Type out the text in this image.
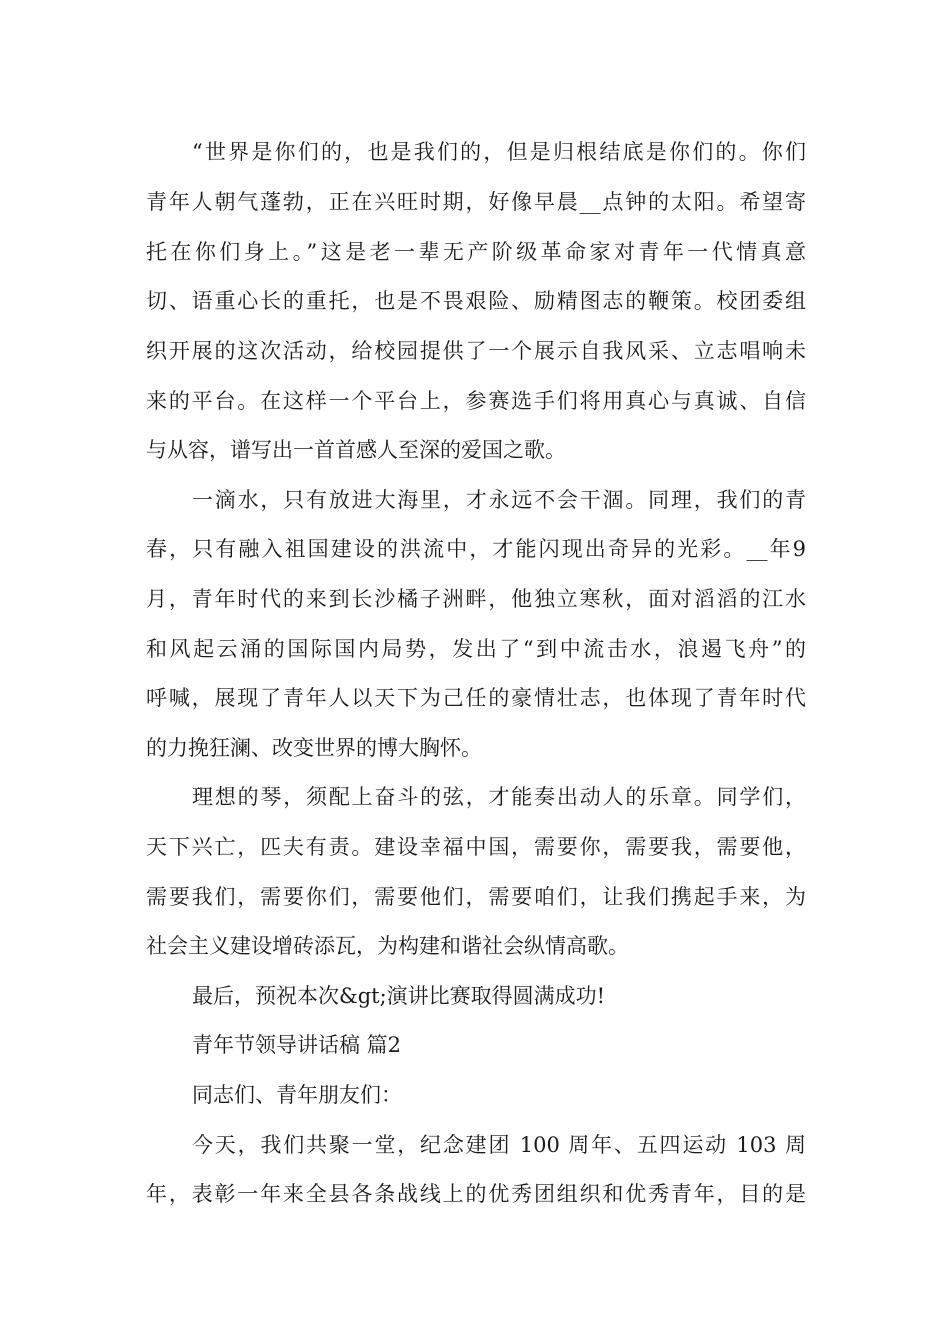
“世界是你们的，也是我们的，但是归根结底是你们的。你们
青年人朝气蓬勃，正在兴旺时期，好像早晨__点钟的太阳。希望寄
托在你们身上。”这是老一辈无产阶级革命家对青年一代情真意
切、语重心长的重托，也是不畏艰险、励精图志的鞭策。校团委组
织开展的这次活动，给校园提供了一个展示自我风采、立志唱响未
来的平台。在这样一个平台上，参赛选手们将用真心与真诚、自信
与从容，谱写出一首首感人至深的爱国之歌。
一滴水，只有放进大海里，才永远不会干涸。同理，我们的青
春，只有融入祖国建设的洪流中，才能闪现出奇异的光彩。__年9
月，青年时代的来到长沙橘子洲畔，他独立寒秋，面对滔滔的江水
和风起云涌的国际国内局势，发出了“到中流击水，浪遏飞舟”的
呼喊，展现了青年人以天下为己任的豪情壮志，也体现了青年时代
的力挽狂澜、改变世界的博大胸怀。
理想的琴，须配上奋斗的弦，才能奏出动人的乐章。同学们，
天下兴亡，匹夫有责。建设幸福中国，需要你，需要我，需要他，
需要我们，需要你们，需要他们，需要咱们，让我们携起手来，为
社会主义建设增砖添瓦，为构建和谐社会纵情高歌。
最后，预祝本次&gt;演讲比赛取得圆满成功!
青年节领导讲话稿 篇2
同志们、青年朋友们：
今天，我们共聚一堂，纪念建团 100 周年、五四运动 103 周
年，表彰一年来全县各条战线上的优秀团组织和优秀青年，目的是
